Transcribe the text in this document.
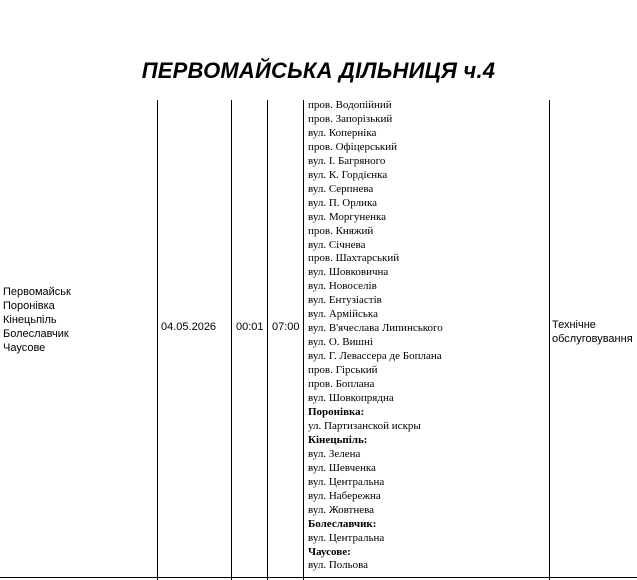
ПЕРВОМАЙСЬКА ДІЛЬНИЦЯ ч.4
Первомайськ
Поронівка
Кінецьпіль
Болеславчик
Чаусове
04.05.2026 00:01 07:00
пров. Водопійний
пров. Запорізький
вул. Коперніка
пров. Офіцерський
вул. І. Багряного
вул. К. Гордієнка
вул. Серпнева
вул. П. Орлика
вул. Моргуненка
пров. Княжий
вул. Січнева
пров. Шахтарський
вул. Шовковична
вул. Новоселів
вул. Ентузіастів
вул. Армійська
вул. В'ячеслава Липинського
вул. О. Вишні
вул. Г. Левассера де Боплана
пров. Гірський
пров. Боплана
вул. Шовкопрядна
Поронівка:
ул. Партизанской искры
Кінецьпіль:
вул. Зелена
вул. Шевченка
вул. Центральна
вул. Набережна
вул. Жовтнева
Болеславчик:
вул. Центральна
Чаусове:
вул. Польова
Технічне обслуговування
